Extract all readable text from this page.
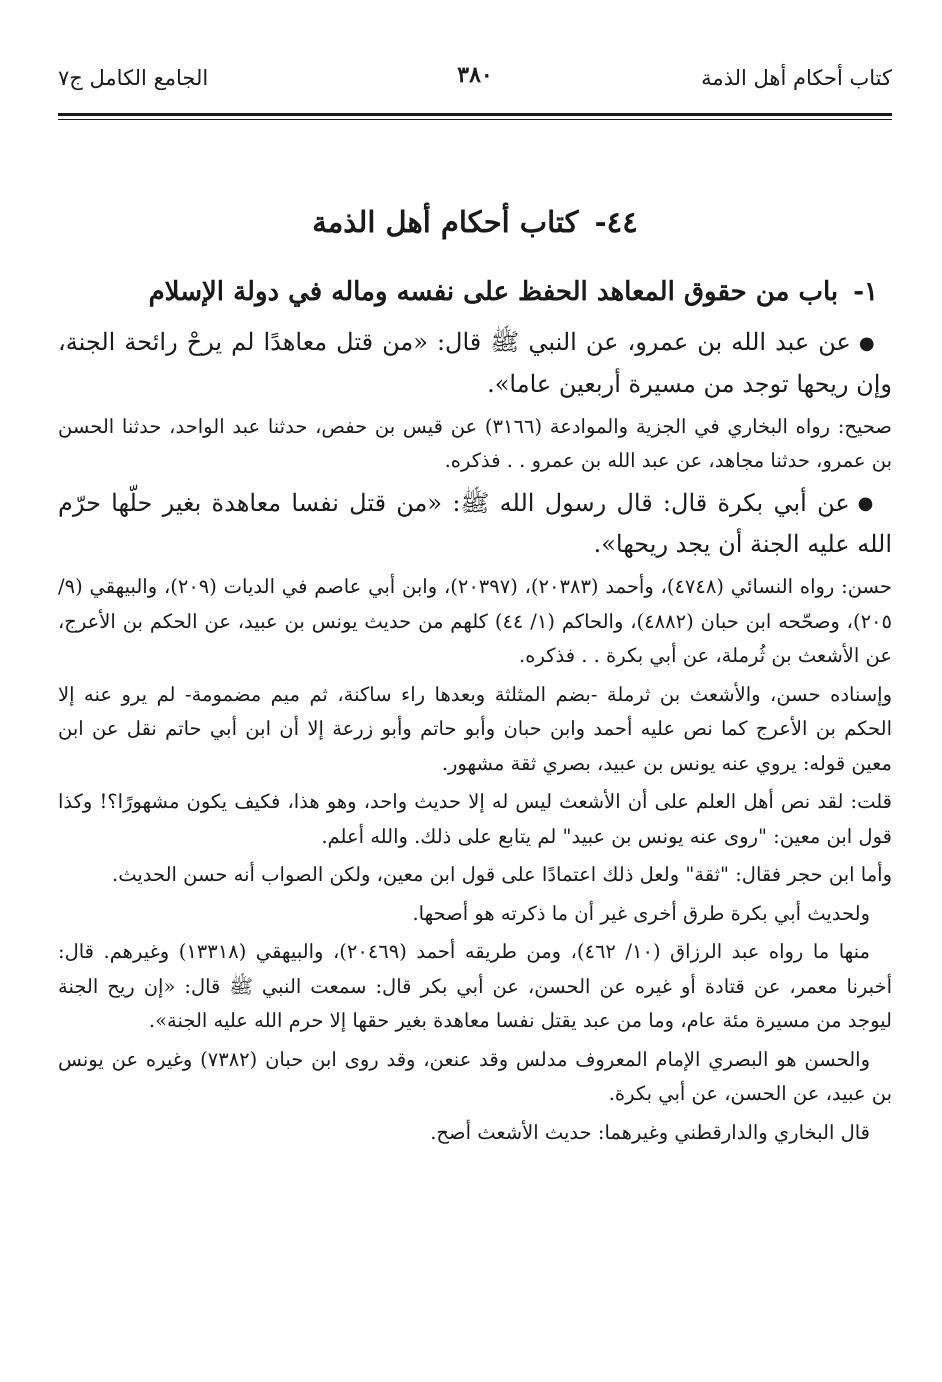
كتاب أحكام أهل الذمة
٣٨٠
الجامع الكامل ج٧
٤٤- كتاب أحكام أهل الذمة
١- باب من حقوق المعاهد الحفظ على نفسه وماله في دولة الإسلام

●عن عبد الله بن عمرو، عن النبي ﷺ قال: «من قتل معاهدًا لم يرحْ رائحة الجنة، وإن ريحها توجد من مسيرة أربعين عاما».

صحيح: رواه البخاري في الجزية والموادعة (٣١٦٦) عن قيس بن حفص، حدثنا عبد الواحد، حدثنا الحسن بن عمرو، حدثنا مجاهد، عن عبد الله بن عمرو . . فذكره.

●عن أبي بكرة قال: قال رسول الله ﷺ: «من قتل نفسا معاهدة بغير حلّها حرّم الله عليه الجنة أن يجد ريحها».

حسن: رواه النسائي (٤٧٤٨)، وأحمد (٢٠٣٨٣)، (٢٠٣٩٧)، وابن أبي عاصم في الديات (٢٠٩)، والبيهقي (٩/ ٢٠٥)، وصحّحه ابن حبان (٤٨٨٢)، والحاكم (١/ ٤٤) كلهم من حديث يونس بن عبيد، عن الحكم بن الأعرج، عن الأشعث بن ثُرملة، عن أبي بكرة . . فذكره.

وإسناده حسن، والأشعث بن ثرملة -بضم المثلثة وبعدها راء ساكنة، ثم ميم مضمومة- لم يرو عنه إلا الحكم بن الأعرج كما نص عليه أحمد وابن حبان وأبو حاتم وأبو زرعة إلا أن ابن أبي حاتم نقل عن ابن معين قوله: يروي عنه يونس بن عبيد، بصري ثقة مشهور.

قلت: لقد نص أهل العلم على أن الأشعث ليس له إلا حديث واحد، وهو هذا، فكيف يكون مشهورًا؟! وكذا قول ابن معين: "روى عنه يونس بن عبيد" لم يتابع على ذلك. والله أعلم.

وأما ابن حجر فقال: "ثقة" ولعل ذلك اعتمادًا على قول ابن معين، ولكن الصواب أنه حسن الحديث.

ولحديث أبي بكرة طرق أخرى غير أن ما ذكرته هو أصحها.

منها ما رواه عبد الرزاق (١٠/ ٤٦٢)، ومن طريقه أحمد (٢٠٤٦٩)، والبيهقي (١٣٣١٨) وغيرهم. قال: أخبرنا معمر، عن قتادة أو غيره عن الحسن، عن أبي بكر قال: سمعت النبي ﷺ قال: «إن ريح الجنة ليوجد من مسيرة مئة عام، وما من عبد يقتل نفسا معاهدة بغير حقها إلا حرم الله عليه الجنة».

والحسن هو البصري الإمام المعروف مدلس وقد عنعن، وقد روى ابن حبان (٧٣٨٢) وغيره عن يونس بن عبيد، عن الحسن، عن أبي بكرة.

قال البخاري والدارقطني وغيرهما: حديث الأشعث أصح.
